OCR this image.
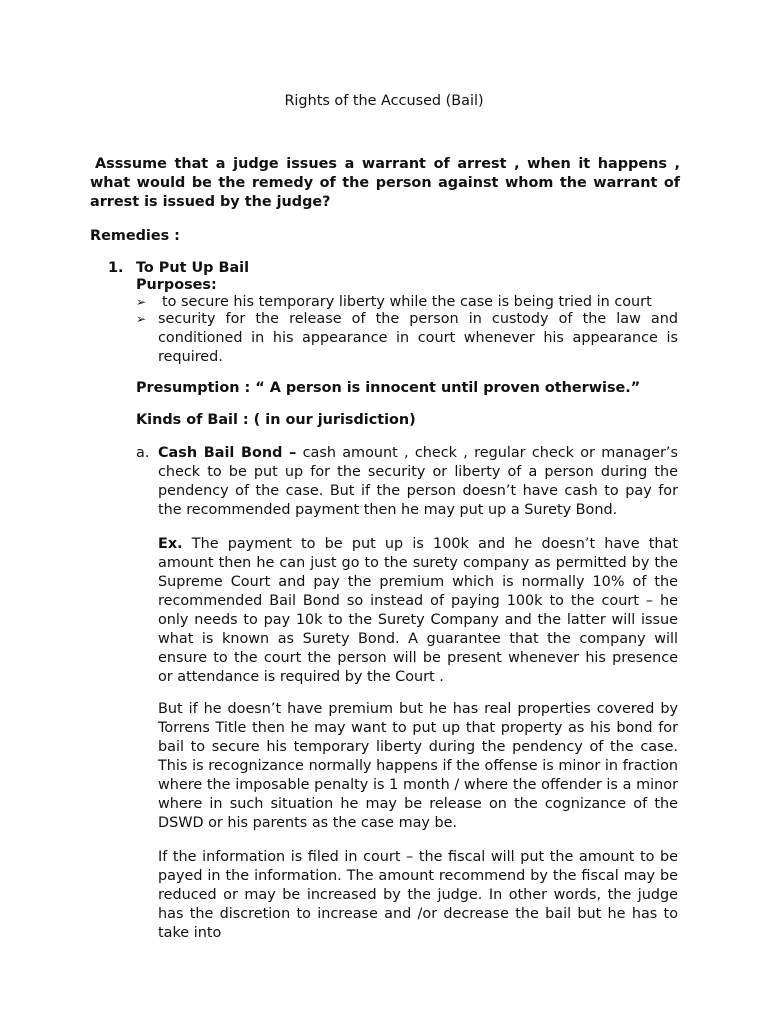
Rights of the Accused (Bail)
Asssume that a judge issues a warrant of arrest , when it happens , what would be the remedy of the person against whom the warrant of arrest is issued by the judge?
Remedies :
1. To Put Up Bail
Purposes:
➢ to secure his temporary liberty while the case is being tried in court
➢ security for the release of the person in custody of the law and conditioned in his appearance in court whenever his appearance is required.
Presumption : “ A person is innocent until proven otherwise.”
Kinds of Bail : ( in our jurisdiction)
a. Cash Bail Bond – cash amount , check , regular check or manager’s check to be put up for the security or liberty of a person during the pendency of the case. But if the person doesn’t have cash to pay for the recommended payment then he may put up a Surety Bond.
Ex. The payment to be put up is 100k and he doesn’t have that amount then he can just go to the surety company as permitted by the Supreme Court and pay the premium which is normally 10% of the recommended Bail Bond so instead of paying 100k to the court – he only needs to pay 10k to the Surety Company and the latter will issue what is known as Surety Bond. A guarantee that the company will ensure to the court the person will be present whenever his presence or attendance is required by the Court .
But if he doesn’t have premium but he has real properties covered by Torrens Title then he may want to put up that property as his bond for bail to secure his temporary liberty during the pendency of the case. This is recognizance normally happens if the offense is minor in fraction where the imposable penalty is 1 month / where the offender is a minor where in such situation he may be release on the cognizance of the DSWD or his parents as the case may be.
If the information is filed in court – the fiscal will put the amount to be payed in the information. The amount recommend by the fiscal may be reduced or may be increased by the judge. In other words, the judge has the discretion to increase and /or decrease the bail but he has to take into
